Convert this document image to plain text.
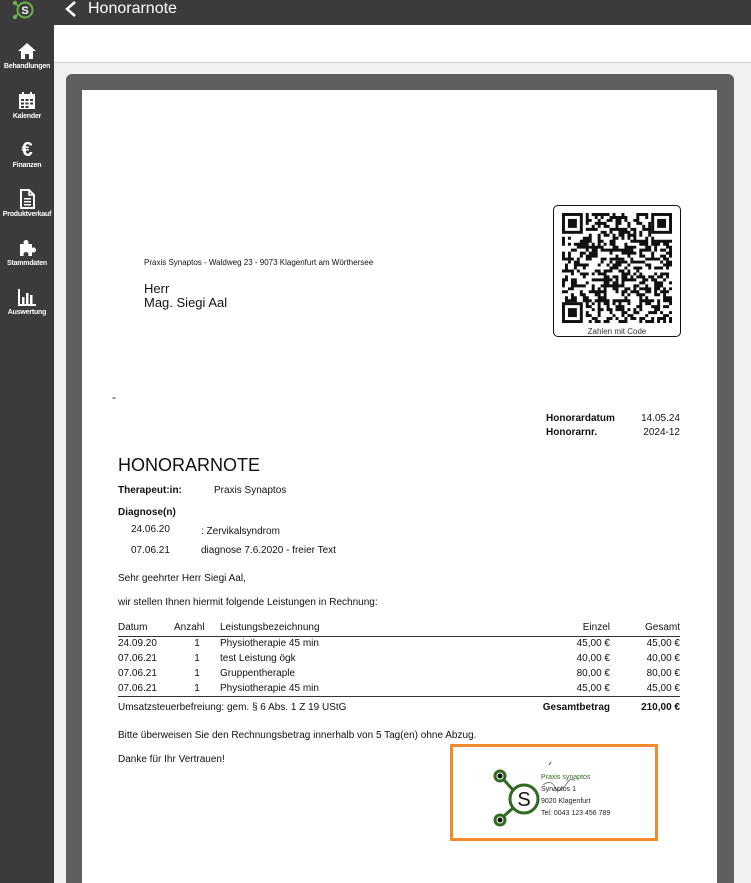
S
Behandlungen
Kalender
€
Finanzen
Produktverkauf
Stammdaten
Auswertung
Honorarnote
Praxis Synaptos - Waldweg 23 - 9073 Klagenfurt am Wörthersee
Herr
Mag. Siegi Aal
Zahlen mit Code
-
Honorardatum	14.05.24
Honorarnr.	2024-12
HONORARNOTE
Therapeut:in:	Praxis Synaptos
Diagnose(n)
24.06.20	: Zervikalsyndrom
07.06.21	diagnose 7.6.2020 - freier Text
Sehr geehrter Herr Siegi Aal,
wir stellen Ihnen hiermit folgende Leistungen in Rechnung:
Datum	Anzahl	Leistungsbezeichnung	Einzel	Gesamt
24.09.20	1	Physiotherapie 45 min	45,00 €	45,00 €
07.06.21	1	test Leistung ögk	40,00 €	40,00 €
07.06.21	1	Gruppentheraple	80,00 €	80,00 €
07.06.21	1	Physiotherapie 45 min	45,00 €	45,00 €
Umsatzsteuerbefreiung: gem. § 6 Abs. 1 Z 19 UStG			Gesamtbetrag	210,00 €
Bitte überweisen Sie den Rechnungsbetrag innerhalb von 5 Tag(en) ohne Abzug.
Danke für Ihr Vertrauen!
S
Praxis synaptos
Synaptos 1
9020 Klagenfurt
Tel: 0043 123 456 789
